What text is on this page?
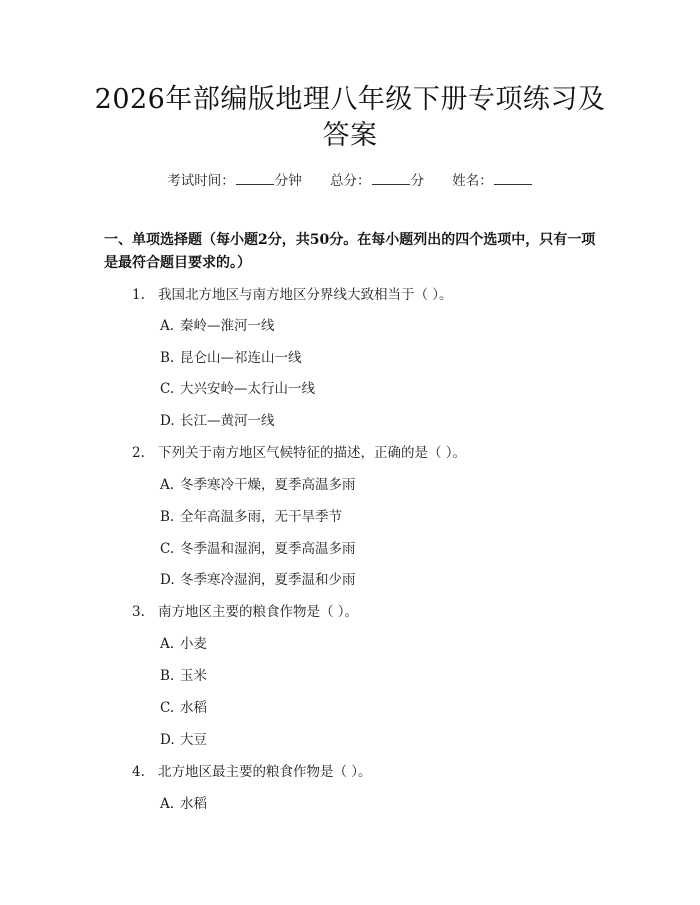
2026年部编版地理八年级下册专项练习及答案
考试时间：	分钟 总分：	分 姓名：
一、单项选择题（每小题2分，共50分。在每小题列出的四个选项中，只有一项是最符合题目要求的。）
1. 我国北方地区与南方地区分界线大致相当于（ ）。
A. 秦岭—淮河一线
B. 昆仑山—祁连山一线
C. 大兴安岭—太行山一线
D. 长江—黄河一线
2. 下列关于南方地区气候特征的描述，正确的是（ ）。
A. 冬季寒冷干燥，夏季高温多雨
B. 全年高温多雨，无干旱季节
C. 冬季温和湿润，夏季高温多雨
D. 冬季寒冷湿润，夏季温和少雨
3. 南方地区主要的粮食作物是（ ）。
A. 小麦
B. 玉米
C. 水稻
D. 大豆
4. 北方地区最主要的粮食作物是（ ）。
A. 水稻
